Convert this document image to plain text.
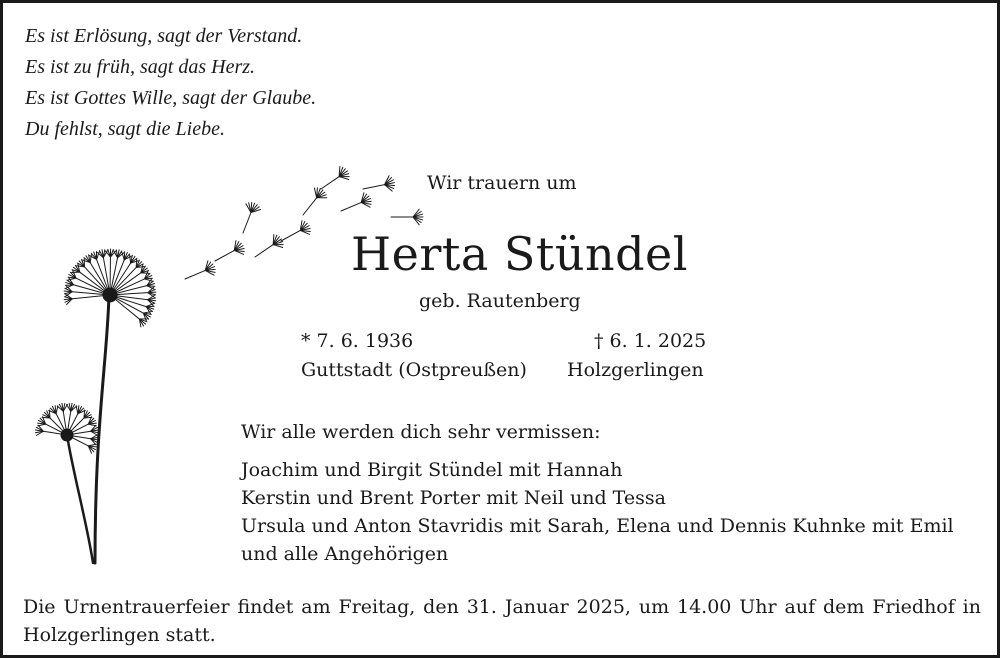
Es ist Erlösung, sagt der Verstand.
Es ist zu früh, sagt das Herz.
Es ist Gottes Wille, sagt der Glaube.
Du fehlst, sagt die Liebe.
Wir trauern um
Herta Stündel
geb. Rautenberg
* 7. 6. 1936
Guttstadt (Ostpreußen)
† 6. 1. 2025
Holzgerlingen
Wir alle werden dich sehr vermissen:
Joachim und Birgit Stündel mit Hannah
Kerstin und Brent Porter mit Neil und Tessa
Ursula und Anton Stavridis mit Sarah, Elena und Dennis Kuhnke mit Emil
und alle Angehörigen
Die Urnentrauerfeier findet am Freitag, den 31. Januar 2025, um 14.00 Uhr auf dem Friedhof in Holzgerlingen statt.
